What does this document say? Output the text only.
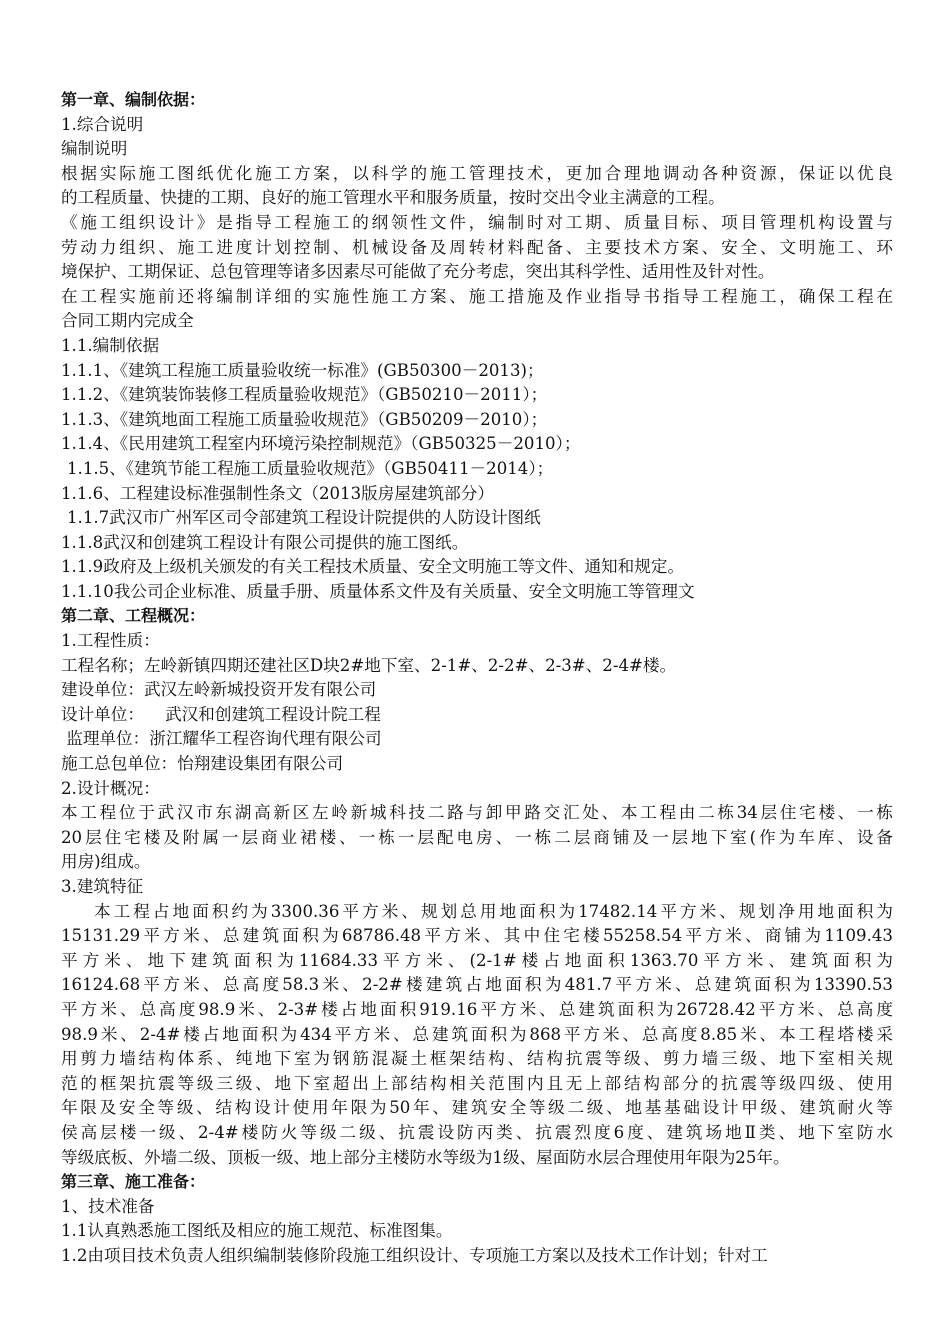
第一章、编制依据：
1.综合说明
编制说明
根据实际施工图纸优化施工方案，以科学的施工管理技术，更加合理地调动各种资源，保证以优良
的工程质量、快捷的工期、良好的施工管理水平和服务质量，按时交出令业主满意的工程。
《施工组织设计》是指导工程施工的纲领性文件，编制时对工期、质量目标、项目管理机构设置与
劳动力组织、施工进度计划控制、机械设备及周转材料配备、主要技术方案、安全、文明施工、环
境保护、工期保证、总包管理等诸多因素尽可能做了充分考虑，突出其科学性、适用性及针对性。
在工程实施前还将编制详细的实施性施工方案、施工措施及作业指导书指导工程施工，确保工程在
合同工期内完成全
1.1.编制依据
1.1.1、《建筑工程施工质量验收统一标准》(GB50300－2013)；
1.1.2、《建筑装饰装修工程质量验收规范》（GB50210－2011）；
1.1.3、《建筑地面工程施工质量验收规范》（GB50209－2010）；
1.1.4、《民用建筑工程室内环境污染控制规范》（GB50325－2010）；
1.1.5、《建筑节能工程施工质量验收规范》（GB50411－2014）；
1.1.6、工程建设标准强制性条文（2013版房屋建筑部分）
1.1.7武汉市广州军区司令部建筑工程设计院提供的人防设计图纸
1.1.8武汉和创建筑工程设计有限公司提供的施工图纸。
1.1.9政府及上级机关颁发的有关工程技术质量、安全文明施工等文件、通知和规定。
1.1.10我公司企业标准、质量手册、质量体系文件及有关质量、安全文明施工等管理文
第二章、工程概况：
1.工程性质：
工程名称；左岭新镇四期还建社区D块2#地下室、2-1#、2-2#、2-3#、2-4#楼。
建设单位：武汉左岭新城投资开发有限公司
设计单位：    武汉和创建筑工程设计院工程
监理单位：浙江耀华工程咨询代理有限公司
施工总包单位：怡翔建设集团有限公司
2.设计概况：
本工程位于武汉市东湖高新区左岭新城科技二路与卸甲路交汇处、本工程由二栋34层住宅楼、一栋
20层住宅楼及附属一层商业裙楼、一栋一层配电房、一栋二层商铺及一层地下室(作为车库、设备
用房)组成。
3.建筑特征
本工程占地面积约为3300.36平方米、规划总用地面积为17482.14平方米、规划净用地面积为
15131.29平方米、总建筑面积为68786.48平方米、其中住宅楼55258.54平方米、商铺为1109.43
平方米、地下建筑面积为11684.33平方米、(2-1#楼占地面积1363.70平方米、建筑面积为
16124.68平方米、总高度58.3米、2-2#楼建筑占地面积为481.7平方米、总建筑面积为13390.53
平方米、总高度98.9米、2-3#楼占地面积919.16平方米、总建筑面积为26728.42平方米、总高度
98.9米、2-4#楼占地面积为434平方米、总建筑面积为868平方米、总高度8.85米、本工程塔楼采
用剪力墙结构体系、纯地下室为钢筋混凝土框架结构、结构抗震等级、剪力墙三级、地下室相关规
范的框架抗震等级三级、地下室超出上部结构相关范围内且无上部结构部分的抗震等级四级、使用
年限及安全等级、结构设计使用年限为50年、建筑安全等级二级、地基基础设计甲级、建筑耐火等
侯高层楼一级、2-4#楼防火等级二级、抗震设防丙类、抗震烈度6度、建筑场地Ⅱ类、地下室防水
等级底板、外墙二级、顶板一级、地上部分主楼防水等级为1级、屋面防水层合理使用年限为25年。
第三章、施工准备：
1、技术准备
1.1认真熟悉施工图纸及相应的施工规范、标准图集。
1.2由项目技术负责人组织编制装修阶段施工组织设计、专项施工方案以及技术工作计划；针对工
